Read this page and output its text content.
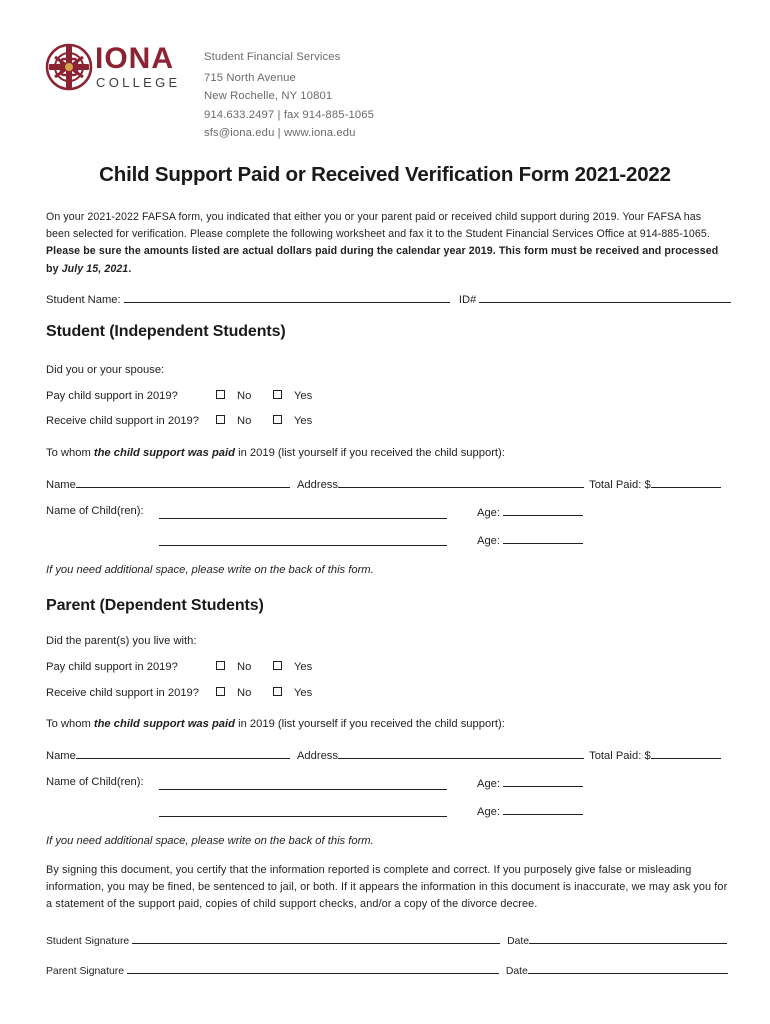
IONA
COLLEGE
Student Financial Services
715 North Avenue
New Rochelle, NY 10801
914.633.2497 | fax 914-885-1065
sfs@iona.edu | www.iona.edu
Child Support Paid or Received Verification Form 2021-2022
On your 2021-2022 FAFSA form, you indicated that either you or your parent paid or received child support during 2019. Your FAFSA has been selected for verification. Please complete the following worksheet and fax it to the Student Financial Services Office at 914-885-1065. Please be sure the amounts listed are actual dollars paid during the calendar year 2019. This form must be received and processed by July 15, 2021.
Student Name:	ID#
Student (Independent Students)
Did you or your spouse:
Pay child support in 2019?	No	Yes
Receive child support in 2019?	No	Yes
To whom the child support was paid in 2019 (list yourself if you received the child support):
Name	Address	Total Paid: $
Name of Child(ren):	Age:
Age:
If you need additional space, please write on the back of this form.
Parent (Dependent Students)
Did the parent(s) you live with:
Pay child support in 2019?	No	Yes
Receive child support in 2019?	No	Yes
To whom the child support was paid in 2019 (list yourself if you received the child support):
Name	Address	Total Paid: $
Name of Child(ren):	Age:
Age:
If you need additional space, please write on the back of this form.
By signing this document, you certify that the information reported is complete and correct. If you purposely give false or misleading information, you may be fined, be sentenced to jail, or both. If it appears the information in this document is inaccurate, we may ask you for a statement of the support paid, copies of child support checks, and/or a copy of the divorce decree.
Student Signature	Date
Parent Signature	Date
